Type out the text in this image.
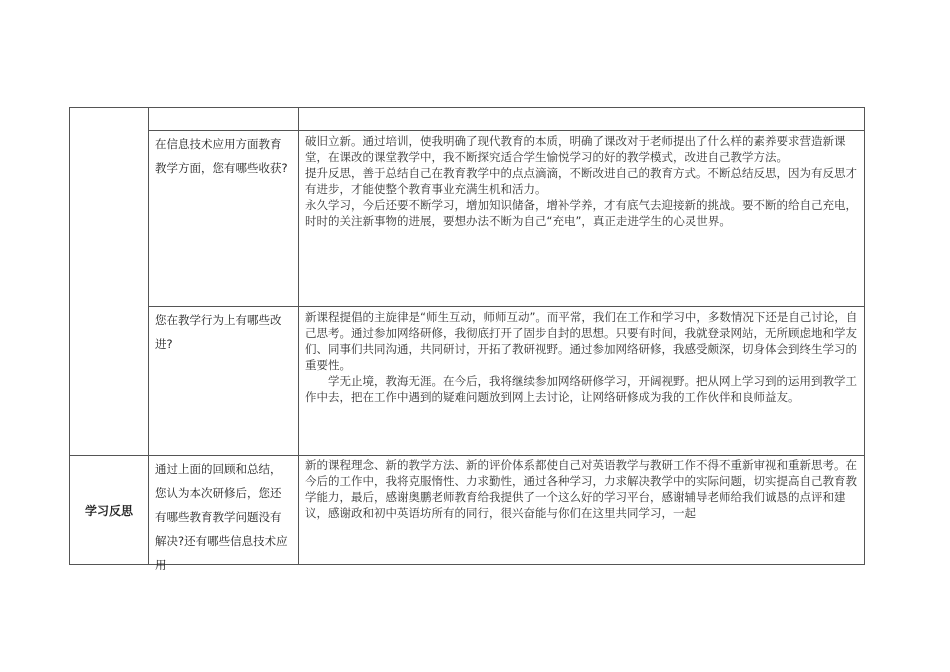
在信息技术应用方面教育教学方面，您有哪些收获?

破旧立新。通过培训，使我明确了现代教育的本质，明确了课改对于老师提出了什么样的素养要求营造新课堂，在课改的课堂教学中，我不断探究适合学生愉悦学习的好的教学模式，改进自己教学方法。

提升反思，善于总结自己在教育教学中的点点滴滴，不断改进自己的教育方式。不断总结反思，因为有反思才有进步，才能使整个教育事业充满生机和活力。

永久学习，今后还要不断学习，增加知识储备，增补学养，才有底气去迎接新的挑战。要不断的给自己充电，时时的关注新事物的进展，要想办法不断为自己“充电”，真正走进学生的心灵世界。

您在教学行为上有哪些改进?

新课程提倡的主旋律是“师生互动，师师互动”。而平常，我们在工作和学习中，多数情况下还是自己讨论，自己思考。通过参加网络研修，我彻底打开了固步自封的思想。只要有时间，我就登录网站，无所顾虑地和学友们、同事们共同沟通，共同研讨，开拓了教研视野。通过参加网络研修，我感受颇深，切身体会到终生学习的重要性。

学无止境，教海无涯。在今后，我将继续参加网络研修学习，开阔视野。把从网上学习到的运用到教学工作中去，把在工作中遇到的疑难问题放到网上去讨论，让网络研修成为我的工作伙伴和良师益友。

学习反思
通过上面的回顾和总结，您认为本次研修后，您还有哪些教育教学问题没有解决?还有哪些信息技术应用

新的课程理念、新的教学方法、新的评价体系都使自己对英语教学与教研工作不得不重新审视和重新思考。在今后的工作中，我将克服惰性、力求勤性，通过各种学习，力求解决教学中的实际问题，切实提高自己教育教学能力，最后，感谢奥鹏老师教育给我提供了一个这么好的学习平台，感谢辅导老师给我们诚恳的点评和建议，感谢政和初中英语坊所有的同行，很兴奋能与你们在这里共同学习，一起
